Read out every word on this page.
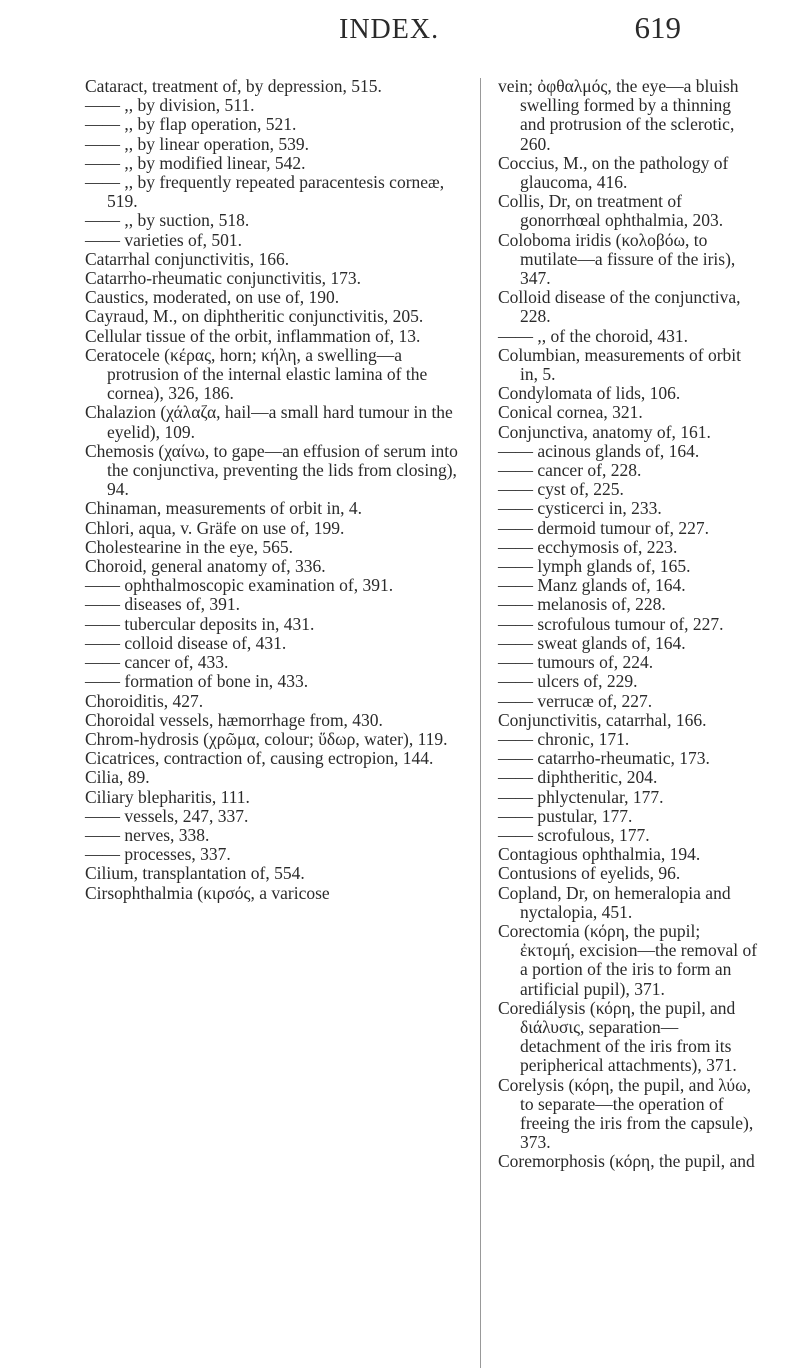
INDEX.	619

Cataract, treatment of, by depression, 515.

—— ,, by division, 511.

—— ,, by flap operation, 521.

—— ,, by linear operation, 539.

—— ,, by modified linear, 542.

—— ,, by frequently repeated paracentesis corneæ, 519.

—— ,, by suction, 518.

—— varieties of, 501.

Catarrhal conjunctivitis, 166.

Catarrho-rheumatic conjunctivitis, 173.

Caustics, moderated, on use of, 190.

Cayraud, M., on diphtheritic conjunctivitis, 205.

Cellular tissue of the orbit, inflammation of, 13.

Ceratocele (κέρας, horn; κήλη, a swelling—a protrusion of the internal elastic lamina of the cornea), 326, 186.

Chalazion (χάλαζα, hail—a small hard tumour in the eyelid), 109.

Chemosis (χαίνω, to gape—an effusion of serum into the conjunctiva, preventing the lids from closing), 94.

Chinaman, measurements of orbit in, 4.

Chlori, aqua, v. Gräfe on use of, 199.

Cholestearine in the eye, 565.

Choroid, general anatomy of, 336.

—— ophthalmoscopic examination of, 391.

—— diseases of, 391.

—— tubercular deposits in, 431.

—— colloid disease of, 431.

—— cancer of, 433.

—— formation of bone in, 433.

Choroiditis, 427.

Choroidal vessels, hæmorrhage from, 430.

Chrom-hydrosis (χρῶμα, colour; ὕδωρ, water), 119.

Cicatrices, contraction of, causing ectropion, 144.

Cilia, 89.

Ciliary blepharitis, 111.

—— vessels, 247, 337.

—— nerves, 338.

—— processes, 337.

Cilium, transplantation of, 554.

Cirsophthalmia (κιρσός, a varicose

vein; ὀφθαλμός, the eye—a bluish swelling formed by a thinning and protrusion of the sclerotic, 260.

Coccius, M., on the pathology of glaucoma, 416.

Collis, Dr, on treatment of gonorrhœal ophthalmia, 203.

Coloboma iridis (κολοβόω, to mutilate—a fissure of the iris), 347.

Colloid disease of the conjunctiva, 228.

—— ,, of the choroid, 431.

Columbian, measurements of orbit in, 5.

Condylomata of lids, 106.

Conical cornea, 321.

Conjunctiva, anatomy of, 161.

—— acinous glands of, 164.

—— cancer of, 228.

—— cyst of, 225.

—— cysticerci in, 233.

—— dermoid tumour of, 227.

—— ecchymosis of, 223.

—— lymph glands of, 165.

—— Manz glands of, 164.

—— melanosis of, 228.

—— scrofulous tumour of, 227.

—— sweat glands of, 164.

—— tumours of, 224.

—— ulcers of, 229.

—— verrucæ of, 227.

Conjunctivitis, catarrhal, 166.

—— chronic, 171.

—— catarrho-rheumatic, 173.

—— diphtheritic, 204.

—— phlyctenular, 177.

—— pustular, 177.

—— scrofulous, 177.

Contagious ophthalmia, 194.

Contusions of eyelids, 96.

Copland, Dr, on hemeralopia and nyctalopia, 451.

Corectomia (κόρη, the pupil; ἐκτομή, excision—the removal of a portion of the iris to form an artificial pupil), 371.

Corediálysis (κόρη, the pupil, and διάλυσις, separation—detachment of the iris from its peripherical attachments), 371.

Corelysis (κόρη, the pupil, and λύω, to separate—the operation of freeing the iris from the capsule), 373.

Coremorphosis (κόρη, the pupil, and
